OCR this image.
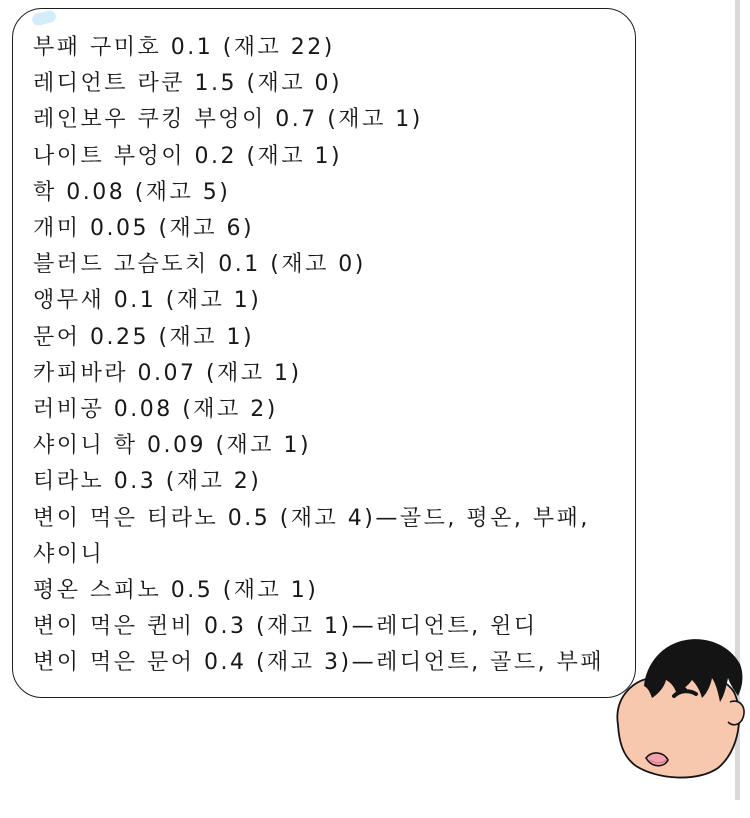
부패 구미호 0.1 (재고 22)
레디언트 라쿤 1.5 (재고 0)
레인보우 쿠킹 부엉이 0.7 (재고 1)
나이트 부엉이 0.2 (재고 1)
학 0.08 (재고 5)
개미 0.05 (재고 6)
블러드 고슴도치 0.1 (재고 0)
앵무새 0.1 (재고 1)
문어 0.25 (재고 1)
카피바라 0.07 (재고 1)
러비공 0.08 (재고 2)
샤이니 학 0.09 (재고 1)
티라노 0.3 (재고 2)
변이 먹은 티라노 0.5 (재고 4)—골드, 평온, 부패, 샤이니
평온 스피노 0.5 (재고 1)
변이 먹은 퀸비 0.3 (재고 1)—레디언트, 윈디
변이 먹은 문어 0.4 (재고 3)—레디언트, 골드, 부패
